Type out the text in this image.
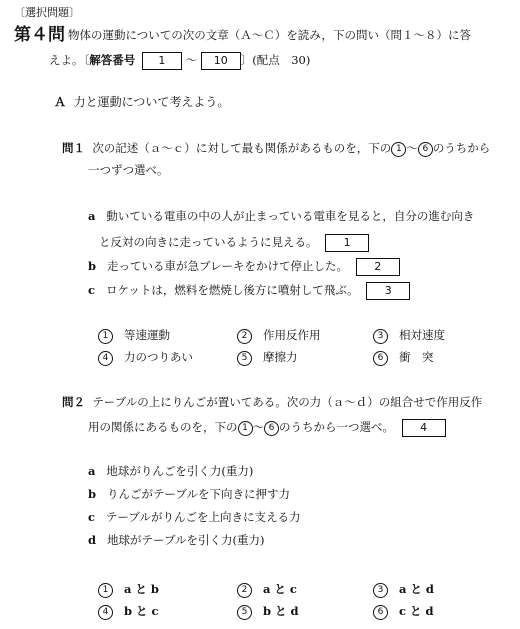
〔選択問題〕
第４問 物体の運動についての次の文章（Ａ～Ｃ）を読み，下の問い（問１～８）に答
えよ。〔解答番号 1 ～ 10 〕(配点　30)
Ａ 力と運動について考えよう。
問１ 次の記述（ａ～ｃ）に対して最も関係があるものを，下の 1 ～ 6 のうちから
一つずつ選べ。
a 動いている電車の中の人が止まっている電車を見ると，自分の進む向き
と反対の向きに走っているように見える。 1
b 走っている車が急ブレーキをかけて停止した。 2
c ロケットは，燃料を燃焼し後方に噴射して飛ぶ。 3
1 等速運動	2 作用反作用	3 相対速度
4 力のつりあい	5 摩擦力	6 衝　突
問２ テーブルの上にりんごが置いてある。次の力（ａ～ｄ）の組合せで作用反作
用の関係にあるものを，下の 1 ～ 6 のうちから一つ選べ。 4
a 地球がりんごを引く力(重力)
b りんごがテーブルを下向きに押す力
c テーブルがりんごを上向きに支える力
d 地球がテーブルを引く力(重力)
1 a と b	2 a と c	3 a と d
4 b と c	5 b と d	6 c と d
